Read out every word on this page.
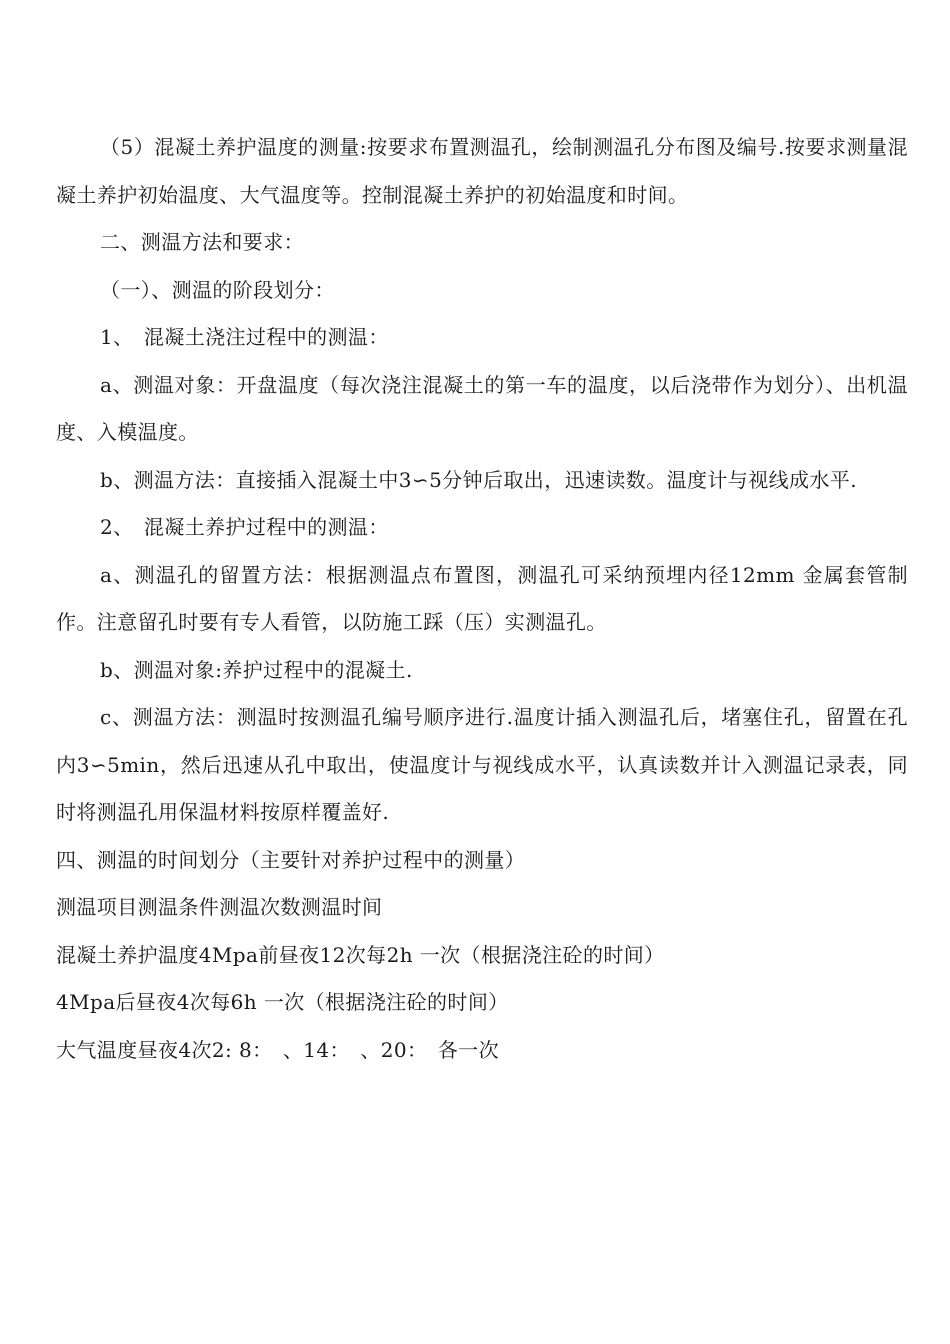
（5）混凝土养护温度的测量:按要求布置测温孔，绘制测温孔分布图及编号.按要求测量混凝土养护初始温度、大气温度等。控制混凝土养护的初始温度和时间。

二、测温方法和要求：

（一）、测温的阶段划分：

1、　混凝土浇注过程中的测温：

a、测温对象：开盘温度（每次浇注混凝土的第一车的温度，以后浇带作为划分）、出机温度、入模温度。

b、测温方法：直接插入混凝土中3∽5分钟后取出，迅速读数。温度计与视线成水平.

2、　混凝土养护过程中的测温：

a、测温孔的留置方法：根据测温点布置图，测温孔可采纳预埋内径12mm 金属套管制作。注意留孔时要有专人看管，以防施工踩（压）实测温孔。

b、测温对象:养护过程中的混凝土.

c、测温方法：测温时按测温孔编号顺序进行.温度计插入测温孔后，堵塞住孔，留置在孔内3∽5min，然后迅速从孔中取出，使温度计与视线成水平，认真读数并计入测温记录表，同时将测温孔用保温材料按原样覆盖好.

四、测温的时间划分（主要针对养护过程中的测量）

测温项目测温条件测温次数测温时间

混凝土养护温度4Mpa前昼夜12次每2h 一次（根据浇注砼的时间）

4Mpa后昼夜4次每6h 一次（根据浇注砼的时间）

大气温度昼夜4次2: 8：　、14：　、20：　各一次
